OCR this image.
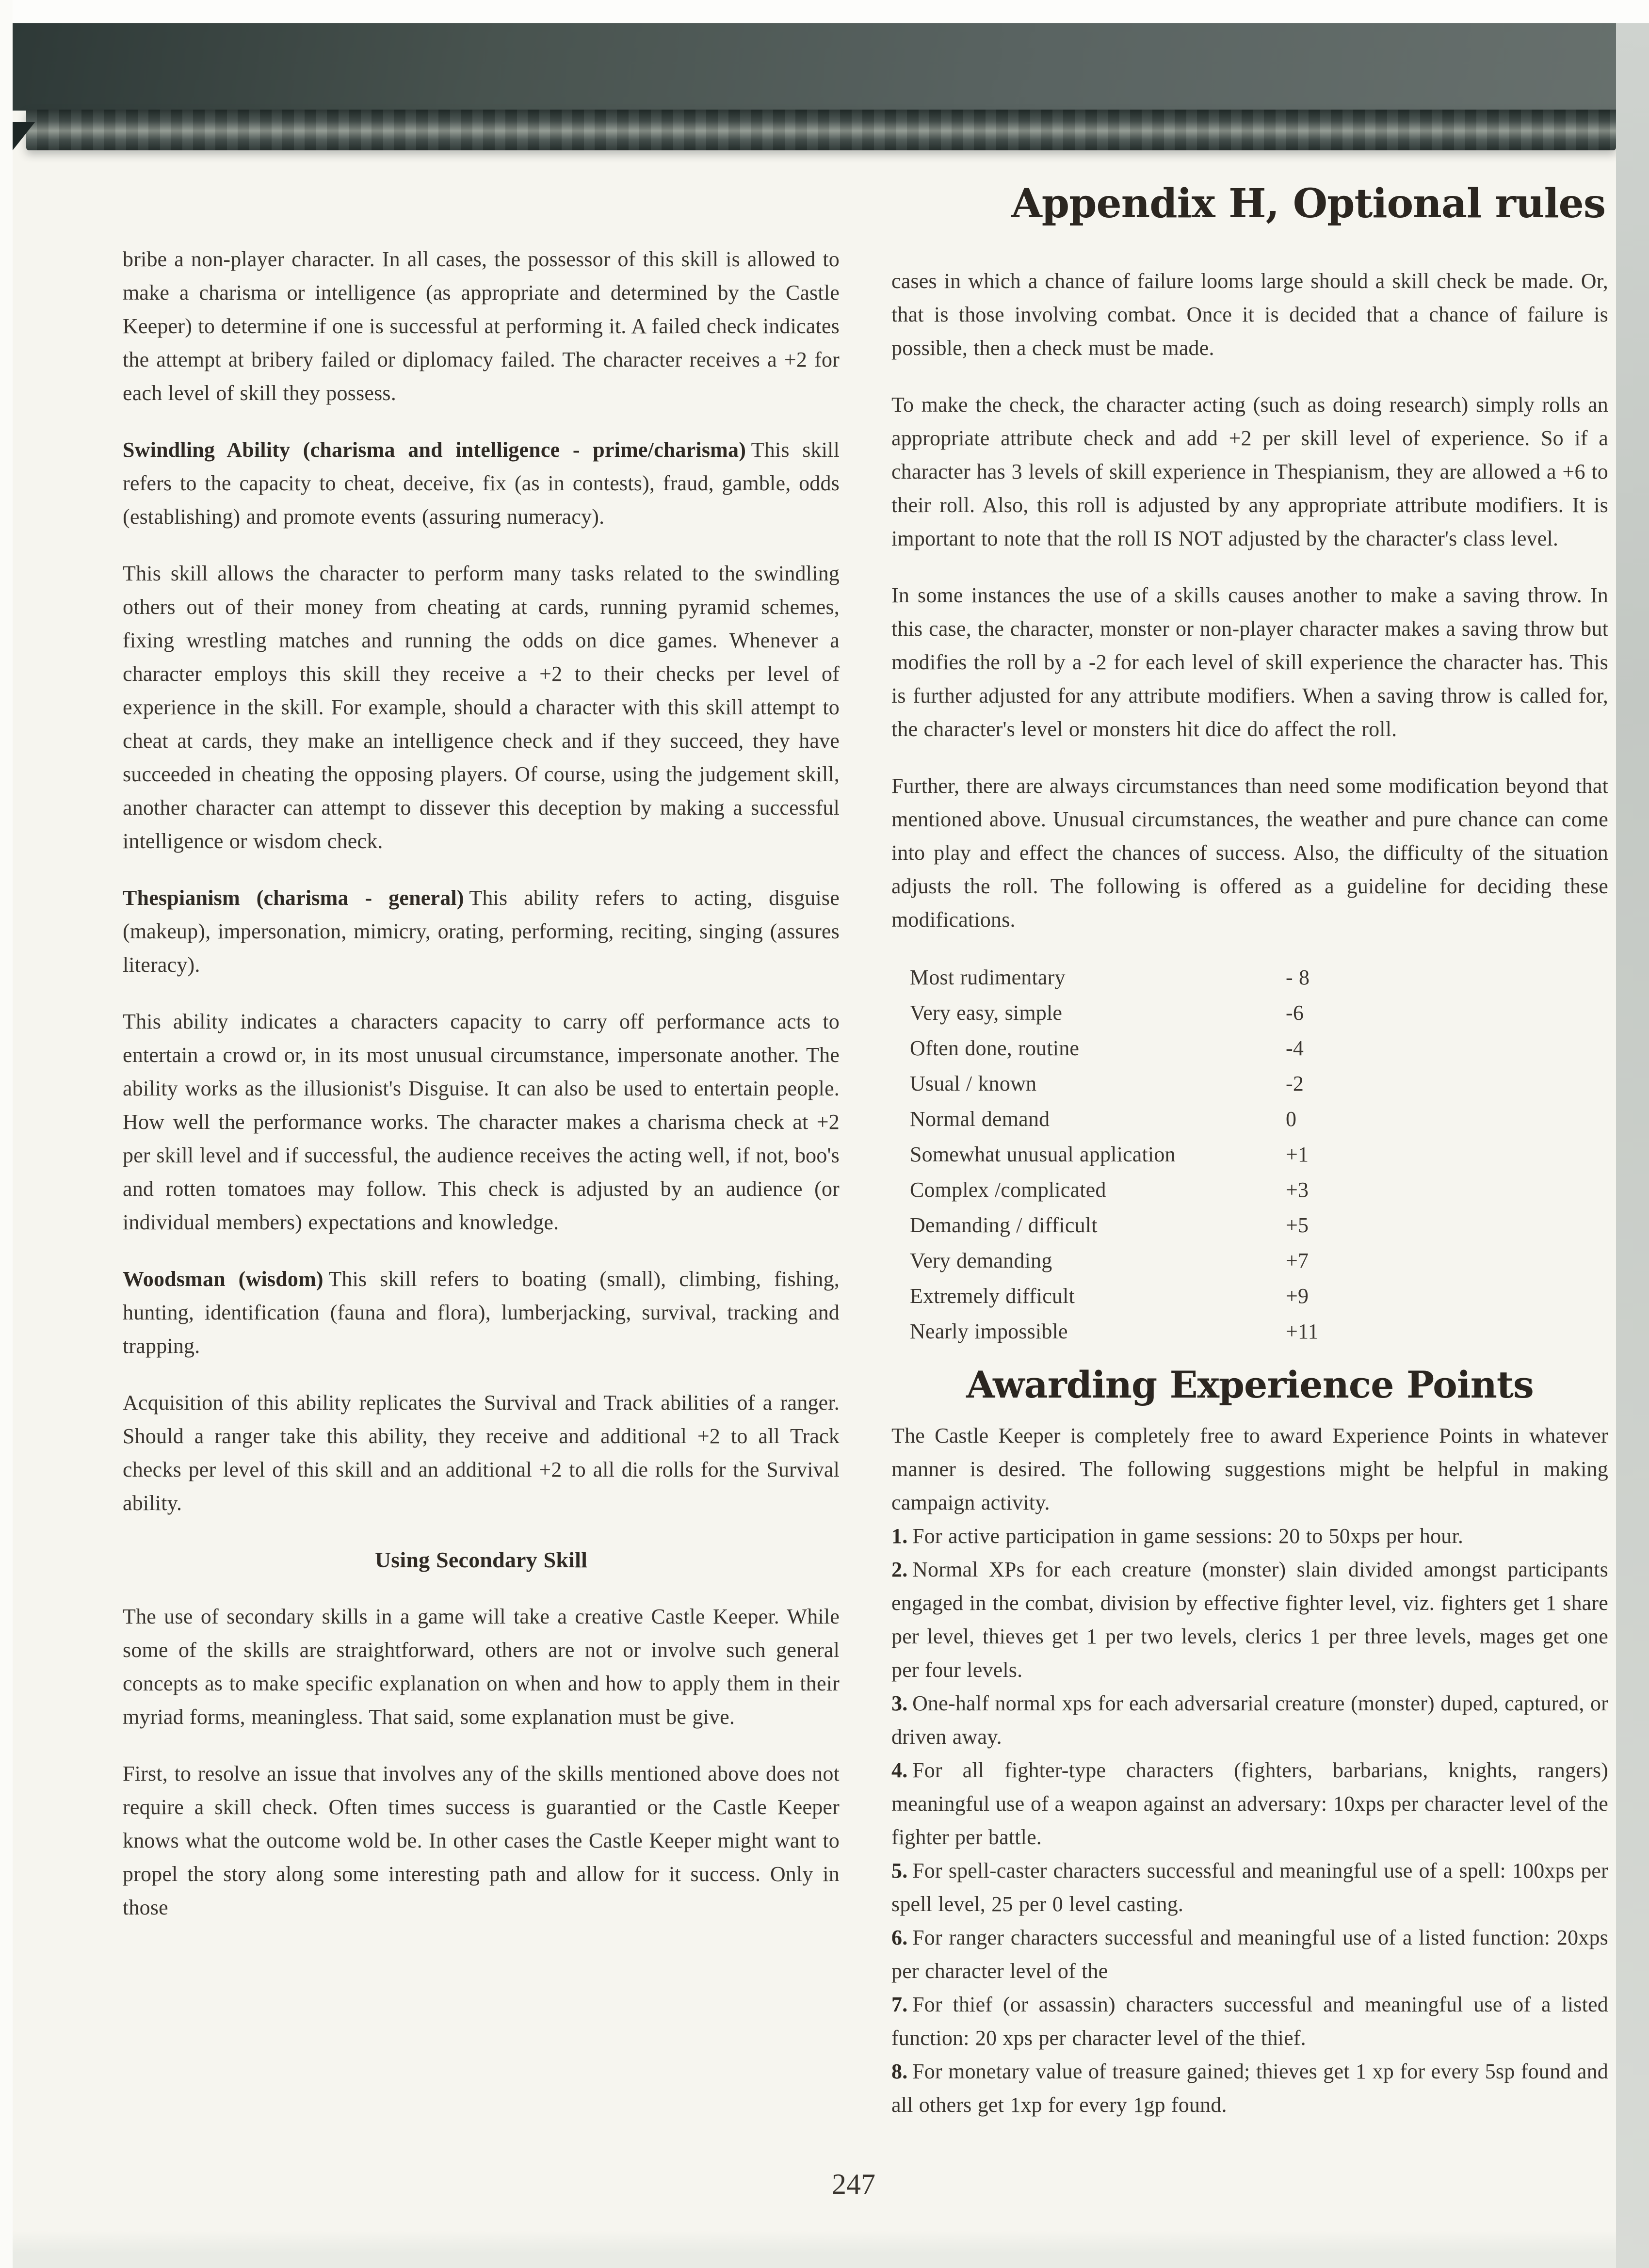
bribe a non-player character. In all cases, the possessor of this skill is allowed to make a charisma or intelligence (as appropriate and determined by the Castle Keeper) to determine if one is successful at performing it. A failed check indicates the attempt at bribery failed or diplomacy failed. The character receives a +2 for each level of skill they possess.

Swindling Ability (charisma and intelligence - prime/charisma) This skill refers to the capacity to cheat, deceive, fix (as in contests), fraud, gamble, odds (establishing) and promote events (assuring numeracy).

This skill allows the character to perform many tasks related to the swindling others out of their money from cheating at cards, running pyramid schemes, fixing wrestling matches and running the odds on dice games. Whenever a character employs this skill they receive a +2 to their checks per level of experience in the skill. For example, should a character with this skill attempt to cheat at cards, they make an intelligence check and if they succeed, they have succeeded in cheating the opposing players. Of course, using the judgement skill, another character can attempt to dissever this deception by making a successful intelligence or wisdom check.

Thespianism (charisma - general) This ability refers to acting, disguise (makeup), impersonation, mimicry, orating, performing, reciting, singing (assures literacy).

This ability indicates a characters capacity to carry off performance acts to entertain a crowd or, in its most unusual circumstance, impersonate another. The ability works as the illusionist's Disguise. It can also be used to entertain people. How well the performance works. The character makes a charisma check at +2 per skill level and if successful, the audience receives the acting well, if not, boo's and rotten tomatoes may follow. This check is adjusted by an audience (or individual members) expectations and knowledge.

Woodsman (wisdom) This skill refers to boating (small), climbing, fishing, hunting, identification (fauna and flora), lumberjacking, survival, tracking and trapping.

Acquisition of this ability replicates the Survival and Track abilities of a ranger. Should a ranger take this ability, they receive and additional +2 to all Track checks per level of this skill and an additional +2 to all die rolls for the Survival ability.

Using Secondary Skill

The use of secondary skills in a game will take a creative Castle Keeper. While some of the skills are straightforward, others are not or involve such general concepts as to make specific explanation on when and how to apply them in their myriad forms, meaningless. That said, some explanation must be give.

First, to resolve an issue that involves any of the skills mentioned above does not require a skill check. Often times success is guarantied or the Castle Keeper knows what the outcome wold be. In other cases the Castle Keeper might want to propel the story along some interesting path and allow for it success. Only in those

Appendix H, Optional rules

cases in which a chance of failure looms large should a skill check be made. Or, that is those involving combat. Once it is decided that a chance of failure is possible, then a check must be made.

To make the check, the character acting (such as doing research) simply rolls an appropriate attribute check and add +2 per skill level of experience. So if a character has 3 levels of skill experience in Thespianism, they are allowed a +6 to their roll. Also, this roll is adjusted by any appropriate attribute modifiers. It is important to note that the roll IS NOT adjusted by the character's class level.

In some instances the use of a skills causes another to make a saving throw. In this case, the character, monster or non-player character makes a saving throw but modifies the roll by a -2 for each level of skill experience the character has. This is further adjusted for any attribute modifiers. When a saving throw is called for, the character's level or monsters hit dice do affect the roll.

Further, there are always circumstances than need some modification beyond that mentioned above. Unusual circumstances, the weather and pure chance can come into play and effect the chances of success. Also, the difficulty of the situation adjusts the roll. The following is offered as a guideline for deciding these modifications.

Most rudimentary	- 8
Very easy, simple	-6
Often done, routine	-4
Usual / known	-2
Normal demand	0
Somewhat unusual application	+1
Complex /complicated	+3
Demanding / difficult	+5
Very demanding	+7
Extremely difficult	+9
Nearly impossible	+11
Awarding Experience Points

The Castle Keeper is completely free to award Experience Points in whatever manner is desired. The following suggestions might be helpful in making campaign activity.

1. For active participation in game sessions: 20 to 50xps per hour.

2. Normal XPs for each creature (monster) slain divided amongst participants engaged in the combat, division by effective fighter level, viz. fighters get 1 share per level, thieves get 1 per two levels, clerics 1 per three levels, mages get one per four levels.

3. One-half normal xps for each adversarial creature (monster) duped, captured, or driven away.

4. For all fighter-type characters (fighters, barbarians, knights, rangers) meaningful use of a weapon against an adversary: 10xps per character level of the fighter per battle.

5. For spell-caster characters successful and meaningful use of a spell: 100xps per spell level, 25 per 0 level casting.

6. For ranger characters successful and meaningful use of a listed function: 20xps per character level of the

7. For thief (or assassin) characters successful and meaningful use of a listed function: 20 xps per character level of the thief.

8. For monetary value of treasure gained; thieves get 1 xp for every 5sp found and all others get 1xp for every 1gp found.

247
